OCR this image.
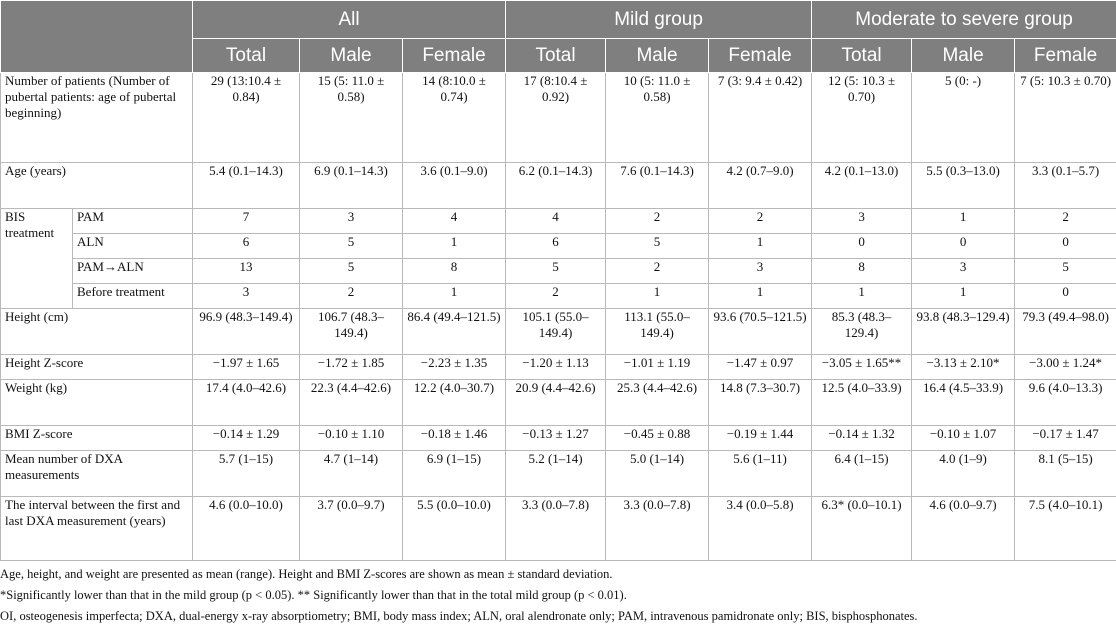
		All			Mild group			Moderate to severe group		
		Total	Male	Female	Total	Male	Female	Total	Male	Female
Number of patients (Number of pubertal patients: age of pubertal beginning)		29 (13:10.4 ± 0.84)	15 (5: 11.0 ± 0.58)	14 (8:10.0 ± 0.74)	17 (8:10.4 ± 0.92)	10 (5: 11.0 ± 0.58)	7 (3: 9.4 ± 0.42)	12 (5: 10.3 ± 0.70)	5 (0: -)	7 (5: 10.3 ± 0.70)
Age (years)		5.4 (0.1–14.3)	6.9 (0.1–14.3)	3.6 (0.1–9.0)	6.2 (0.1–14.3)	7.6 (0.1–14.3)	4.2 (0.7–9.0)	4.2 (0.1–13.0)	5.5 (0.3–13.0)	3.3 (0.1–5.7)
BIS treatment	PAM	7	3	4	4	2	2	3	1	2
	ALN	6	5	1	6	5	1	0	0	0
	PAM→ALN	13	5	8	5	2	3	8	3	5
	Before treatment	3	2	1	2	1	1	1	1	0
Height (cm)		96.9 (48.3–149.4)	106.7 (48.3–149.4)	86.4 (49.4–121.5)	105.1 (55.0–149.4)	113.1 (55.0–149.4)	93.6 (70.5–121.5)	85.3 (48.3–129.4)	93.8 (48.3–129.4)	79.3 (49.4–98.0)
Height Z-score		−1.97 ± 1.65	−1.72 ± 1.85	−2.23 ± 1.35	−1.20 ± 1.13	−1.01 ± 1.19	−1.47 ± 0.97	−3.05 ± 1.65**	−3.13 ± 2.10*	−3.00 ± 1.24*
Weight (kg)		17.4 (4.0–42.6)	22.3 (4.4–42.6)	12.2 (4.0–30.7)	20.9 (4.4–42.6)	25.3 (4.4–42.6)	14.8 (7.3–30.7)	12.5 (4.0–33.9)	16.4 (4.5–33.9)	9.6 (4.0–13.3)
BMI Z-score		−0.14 ± 1.29	−0.10 ± 1.10	−0.18 ± 1.46	−0.13 ± 1.27	−0.45 ± 0.88	−0.19 ± 1.44	−0.14 ± 1.32	−0.10 ± 1.07	−0.17 ± 1.47
Mean number of DXA measurements		5.7 (1–15)	4.7 (1–14)	6.9 (1–15)	5.2 (1–14)	5.0 (1–14)	5.6 (1–11)	6.4 (1–15)	4.0 (1–9)	8.1 (5–15)
The interval between the first and last DXA measurement (years)		4.6 (0.0–10.0)	3.7 (0.0–9.7)	5.5 (0.0–10.0)	3.3 (0.0–7.8)	3.3 (0.0–7.8)	3.4 (0.0–5.8)	6.3* (0.0–10.1)	4.6 (0.0–9.7)	7.5 (4.0–10.1)

Age, height, and weight are presented as mean (range). Height and BMI Z-scores are shown as mean ± standard deviation.

*Significantly lower than that in the mild group (p < 0.05). ** Significantly lower than that in the total mild group (p < 0.01).

OI, osteogenesis imperfecta; DXA, dual-energy x-ray absorptiometry; BMI, body mass index; ALN, oral alendronate only; PAM, intravenous pamidronate only; BIS, bisphosphonates.
